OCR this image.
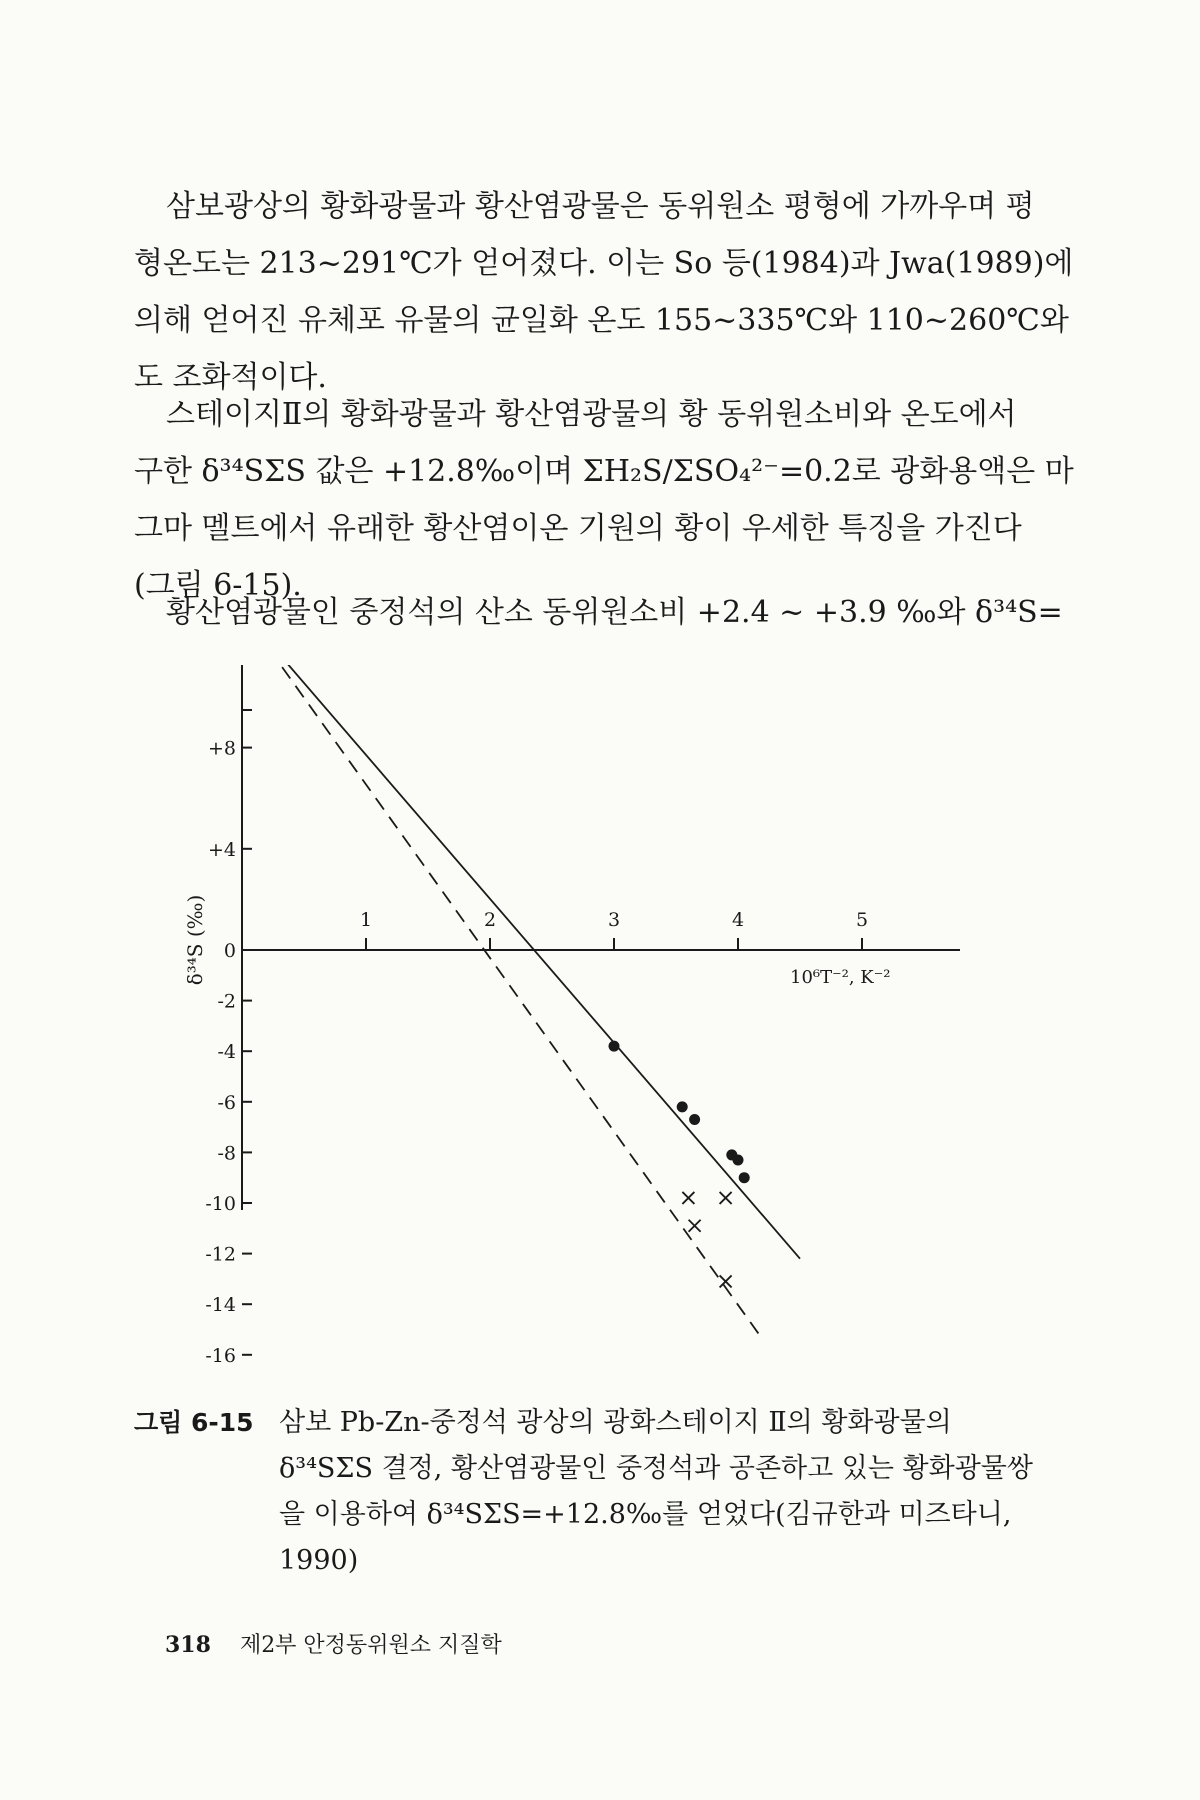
삼보광상의 황화광물과 황산염광물은 동위원소 평형에 가까우며 평
형온도는 213~291℃가 얻어졌다. 이는 So 등(1984)과 Jwa(1989)에
의해 얻어진 유체포 유물의 균일화 온도 155~335℃와 110~260℃와
도 조화적이다.
스테이지Ⅱ의 황화광물과 황산염광물의 황 동위원소비와 온도에서
구한 δ³⁴SΣS 값은 +12.8‰이며 ΣH₂S/ΣSO₄²⁻=0.2로 광화용액은 마
그마 멜트에서 유래한 황산염이온 기원의 황이 우세한 특징을 가진다
(그림 6-15).
황산염광물인 중정석의 산소 동위원소비 +2.4 ~ +3.9 ‰와 δ³⁴S=
+8
+4
0
-2
-4
-6
-8
-10
-12
-14
-16
1	2	3	4	5
10⁶T⁻², K⁻²
δ³⁴S (‰)
그림 6-15 삼보 Pb-Zn-중정석 광상의 광화스테이지 Ⅱ의 황화광물의
δ³⁴SΣS 결정, 황산염광물인 중정석과 공존하고 있는 황화광물쌍
을 이용하여 δ³⁴SΣS=+12.8‰를 얻었다(김규한과 미즈타니,
1990)
318 제2부 안정동위원소 지질학
